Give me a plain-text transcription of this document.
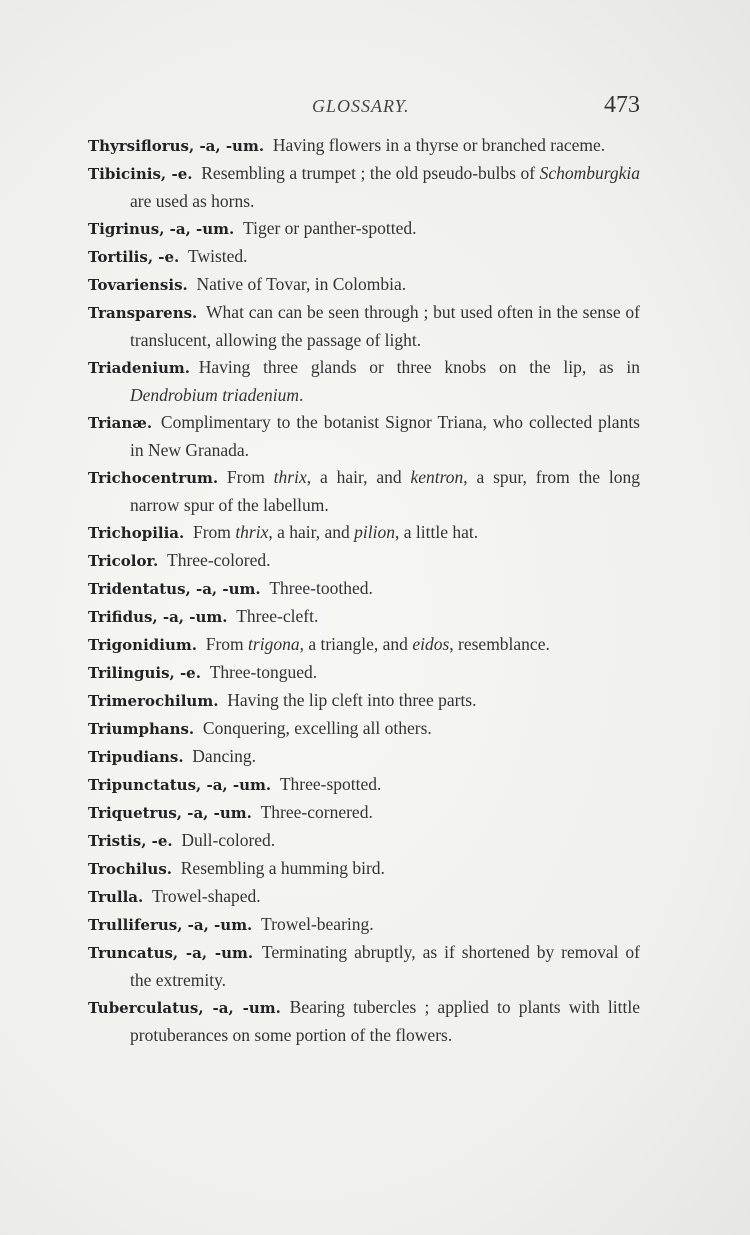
GLOSSARY.	473
Thyrsiflorus, -a, -um.  Having flowers in a thyrse or branched raceme.
Tibicinis, -e.  Resembling a trumpet ; the old pseudo-bulbs of Schomburgkia are used as horns.
Tigrinus, -a, -um.  Tiger or panther-spotted.
Tortilis, -e.  Twisted.
Tovariensis.  Native of Tovar, in Colombia.
Transparens.  What can can be seen through ; but used often in the sense of translucent, allowing the passage of light.
Triadenium.  Having three glands or three knobs on the lip, as in Dendrobium triadenium.
Trianæ.  Complimentary to the botanist Signor Triana, who collected plants in New Granada.
Trichocentrum.  From thrix, a hair, and kentron, a spur, from the long narrow spur of the labellum.
Trichopilia.  From thrix, a hair, and pilion, a little hat.
Tricolor.  Three-colored.
Tridentatus, -a, -um.  Three-toothed.
Trifidus, -a, -um.  Three-cleft.
Trigonidium.  From trigona, a triangle, and eidos, resemblance.
Trilinguis, -e.  Three-tongued.
Trimerochilum.  Having the lip cleft into three parts.
Triumphans.  Conquering, excelling all others.
Tripudians.  Dancing.
Tripunctatus, -a, -um.  Three-spotted.
Triquetrus, -a, -um.  Three-cornered.
Tristis, -e.  Dull-colored.
Trochilus.  Resembling a humming bird.
Trulla.  Trowel-shaped.
Trulliferus, -a, -um.  Trowel-bearing.
Truncatus, -a, -um.  Terminating abruptly, as if shortened by removal of the extremity.
Tuberculatus, -a, -um.  Bearing tubercles ; applied to plants with little protuberances on some portion of the flowers.
